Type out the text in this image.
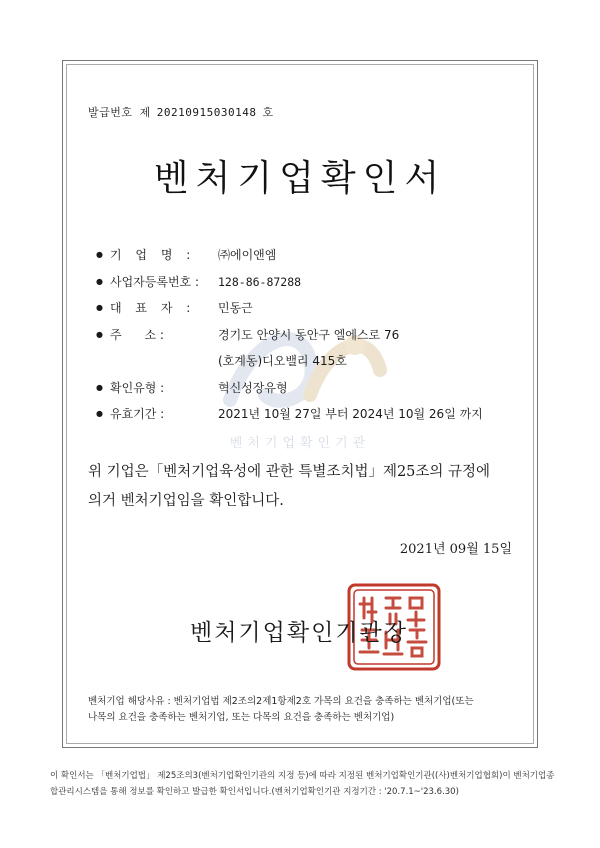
발급번호 제 20210915030148 호
벤처기업확인서
벤처기업확인기관
● 기 업 명 :	㈜에이앤엠
● 사업자등록번호 :	128-86-87288
● 대 표 자 :	민동근
● 주      소 :	경기도 안양시 동안구 엘에스로 76
(호계동)디오밸리 415호
● 확인유형 :	혁신성장유형
● 유효기간 :	2021년 10월 27일 부터 2024년 10월 26일 까지
위 기업은「벤처기업육성에 관한 특별조치법」제25조의 규정에
의거 벤처기업임을 확인합니다.
2021년 09월 15일
벤처기업확인기관장
벤처기업 해당사유 : 벤처기업법 제2조의2제1항제2호 가목의 요건을 충족하는 벤처기업(또는
나목의 요건을 충족하는 벤처기업, 또는 다목의 요건을 충족하는 벤처기업)
이 확인서는 「벤처기업법」 제25조의3(벤처기업확인기관의 지정 등)에 따라 지정된 벤처기업확인기관((사)벤처기업협회)이 벤처기업종
합관리시스템을 통해 정보를 확인하고 발급한 확인서입니다.(벤처기업확인기관 지정기간 : '20.7.1~'23.6.30)
